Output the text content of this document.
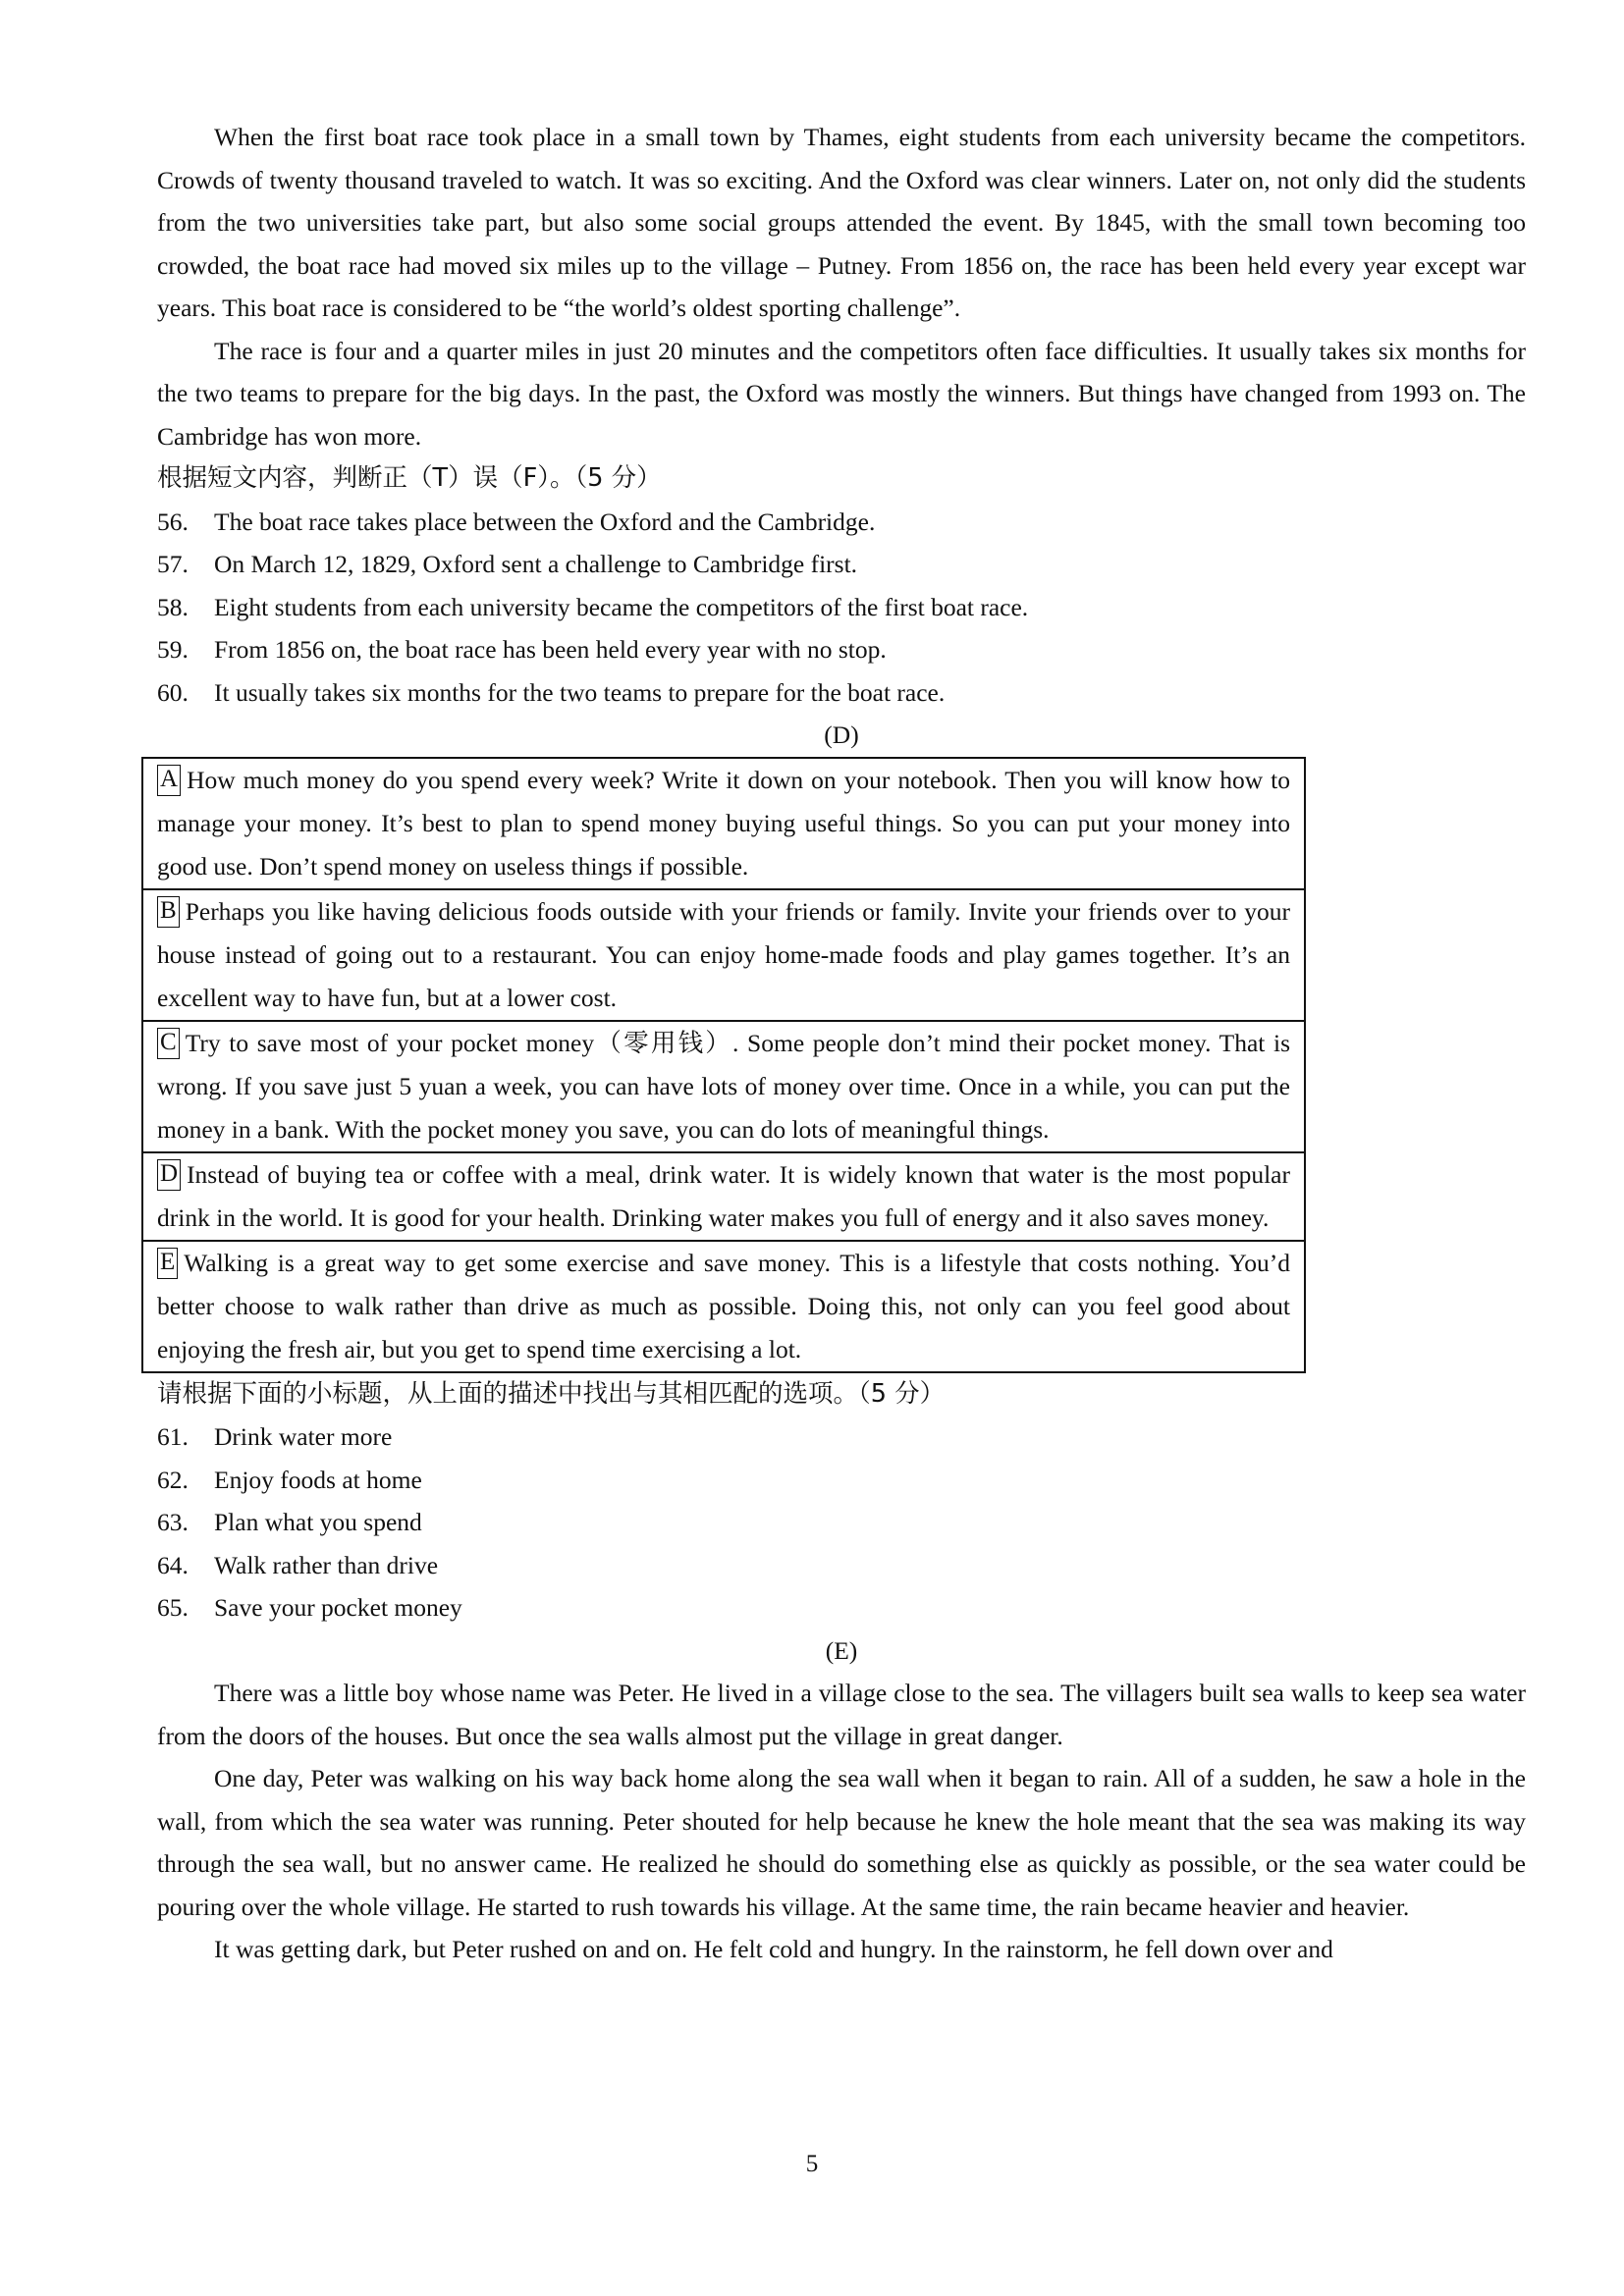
When the first boat race took place in a small town by Thames, eight students from each university became the competitors. Crowds of twenty thousand traveled to watch. It was so exciting. And the Oxford was clear winners. Later on, not only did the students from the two universities take part, but also some social groups attended the event. By 1845, with the small town becoming too crowded, the boat race had moved six miles up to the village – Putney. From 1856 on, the race has been held every year except war years. This boat race is considered to be “the world’s oldest sporting challenge”.

The race is four and a quarter miles in just 20 minutes and the competitors often face difficulties. It usually takes six months for the two teams to prepare for the big days. In the past, the Oxford was mostly the winners. But things have changed from 1993 on. The Cambridge has won more.

根据短文内容，判断正（T）误（F）。（5 分）

56.	The boat race takes place between the Oxford and the Cambridge.
57.	On March 12, 1829, Oxford sent a challenge to Cambridge first.
58.	Eight students from each university became the competitors of the first boat race.
59.	From 1856 on, the boat race has been held every year with no stop.
60.	It usually takes six months for the two teams to prepare for the boat race.

(D)

A How much money do you spend every week? Write it down on your notebook. Then you will know how to manage your money. It’s best to plan to spend money buying useful things. So you can put your money into good use. Don’t spend money on useless things if possible.
B Perhaps you like having delicious foods outside with your friends or family. Invite your friends over to your house instead of going out to a restaurant. You can enjoy home-made foods and play games together. It’s an excellent way to have fun, but at a lower cost.
C Try to save most of your pocket money（零用钱）. Some people don’t mind their pocket money. That is wrong. If you save just 5 yuan a week, you can have lots of money over time. Once in a while, you can put the money in a bank. With the pocket money you save, you can do lots of meaningful things.
D Instead of buying tea or coffee with a meal, drink water. It is widely known that water is the most popular drink in the world. It is good for your health. Drinking water makes you full of energy and it also saves money.
E Walking is a great way to get some exercise and save money. This is a lifestyle that costs nothing. You’d better choose to walk rather than drive as much as possible. Doing this, not only can you feel good about enjoying the fresh air, but you get to spend time exercising a lot.

请根据下面的小标题，从上面的描述中找出与其相匹配的选项。（5 分）

61.	Drink water more
62.	Enjoy foods at home
63.	Plan what you spend
64.	Walk rather than drive
65.	Save your pocket money

(E)

There was a little boy whose name was Peter. He lived in a village close to the sea. The villagers built sea walls to keep sea water from the doors of the houses. But once the sea walls almost put the village in great danger.

One day, Peter was walking on his way back home along the sea wall when it began to rain. All of a sudden, he saw a hole in the wall, from which the sea water was running. Peter shouted for help because he knew the hole meant that the sea was making its way through the sea wall, but no answer came. He realized he should do something else as quickly as possible, or the sea water could be pouring over the whole village. He started to rush towards his village. At the same time, the rain became heavier and heavier.

It was getting dark, but Peter rushed on and on. He felt cold and hungry. In the rainstorm, he fell down over and

5
